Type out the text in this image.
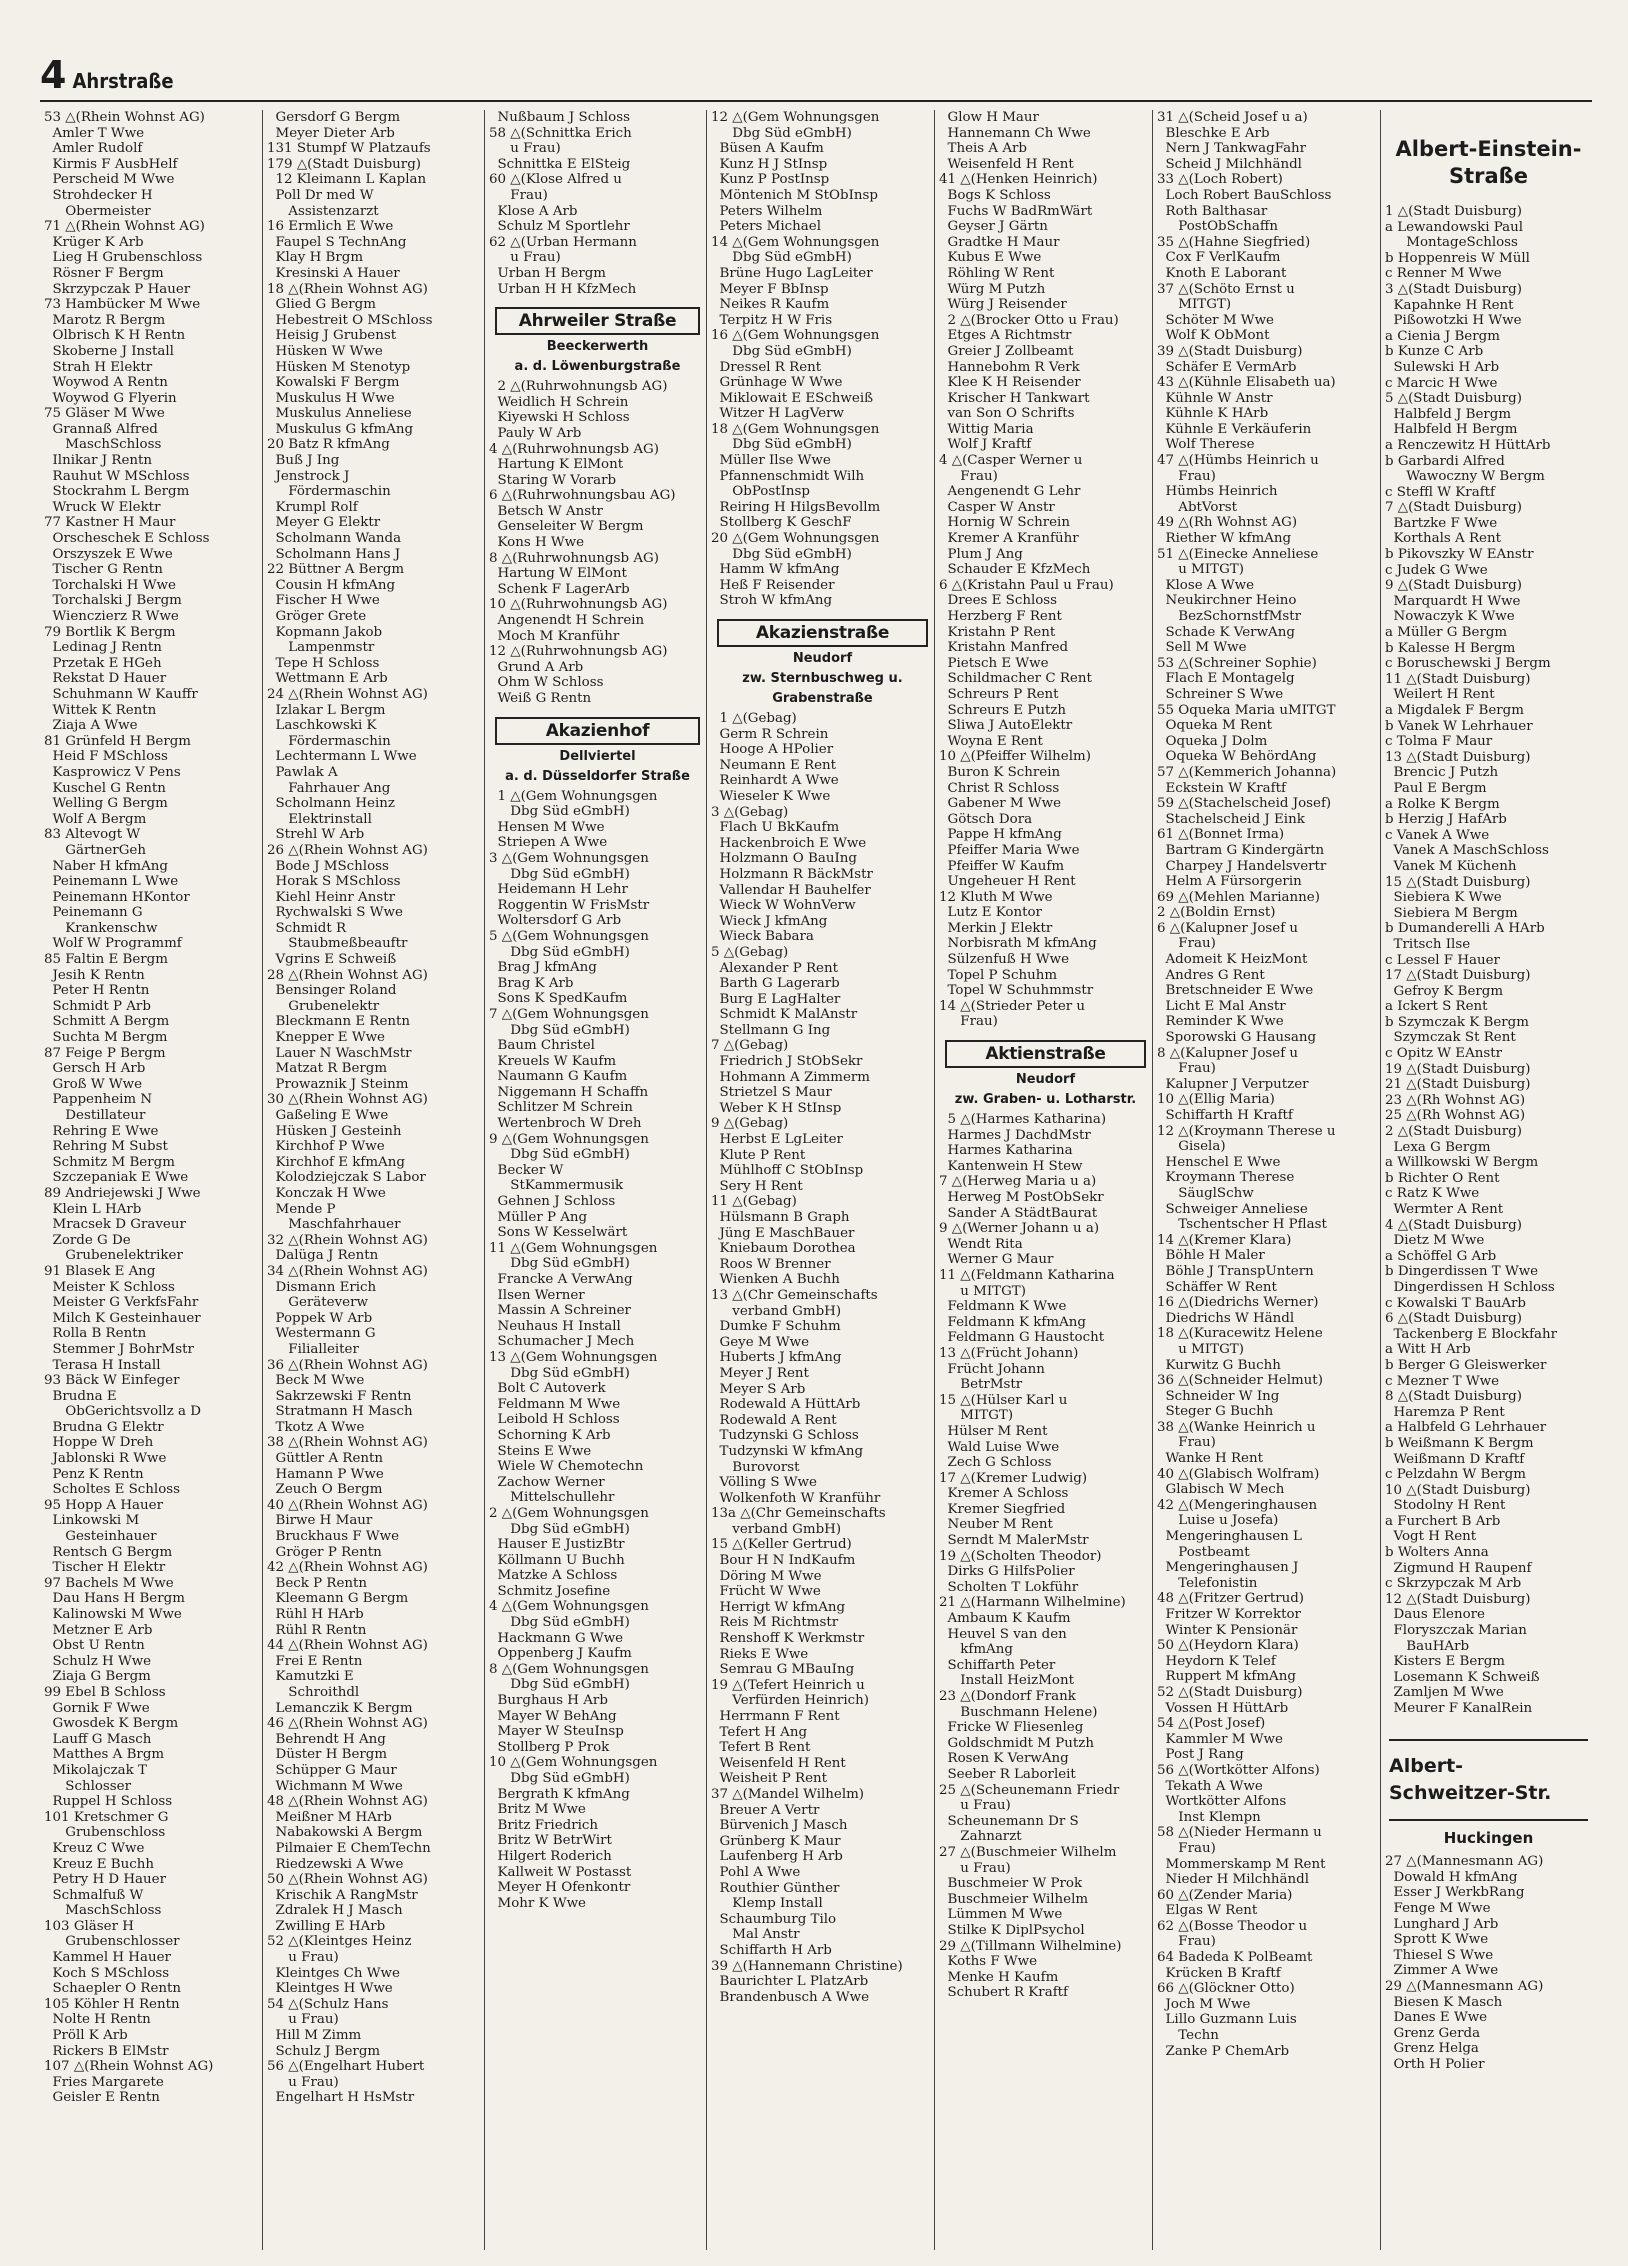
4 Ahrstraße
53 △(Rhein Wohnst AG)
Amler T Wwe
Amler Rudolf
Kirmis F AusbHelf
Perscheid M Wwe
Strohdecker H
Obermeister
71 △(Rhein Wohnst AG)
Krüger K Arb
Lieg H Grubenschloss
Rösner F Bergm
Skrzypczak P Hauer
73 Hambücker M Wwe
Marotz R Bergm
Olbrisch K H Rentn
Skoberne J Install
Strah H Elektr
Woywod A Rentn
Woywod G Flyerin
75 Gläser M Wwe
Grannaß Alfred
MaschSchloss
Ilnikar J Rentn
Rauhut W MSchloss
Stockrahm L Bergm
Wruck W Elektr
77 Kastner H Maur
Orscheschek E Schloss
Orszyszek E Wwe
Tischer G Rentn
Torchalski H Wwe
Torchalski J Bergm
Wienczierz R Wwe
79 Bortlik K Bergm
Ledinag J Rentn
Przetak E HGeh
Rekstat D Hauer
Schuhmann W Kauffr
Wittek K Rentn
Ziaja A Wwe
81 Grünfeld H Bergm
Heid F MSchloss
Kasprowicz V Pens
Kuschel G Rentn
Welling G Bergm
Wolf A Bergm
83 Altevogt W
GärtnerGeh
Naber H kfmAng
Peinemann L Wwe
Peinemann HKontor
Peinemann G
Krankenschw
Wolf W Programmf
85 Faltin E Bergm
Jesih K Rentn
Peter H Rentn
Schmidt P Arb
Schmitt A Bergm
Suchta M Bergm
87 Feige P Bergm
Gersch H Arb
Groß W Wwe
Pappenheim N
Destillateur
Rehring E Wwe
Rehring M Subst
Schmitz M Bergm
Szczepaniak E Wwe
89 Andriejewski J Wwe
Klein L HArb
Mracsek D Graveur
Zorde G De
Grubenelektriker
91 Blasek E Ang
Meister K Schloss
Meister G VerkfsFahr
Milch K Gesteinhauer
Rolla B Rentn
Stemmer J BohrMstr
Terasa H Install
93 Bäck W Einfeger
Brudna E
ObGerichtsvollz a D
Brudna G Elektr
Hoppe W Dreh
Jablonski R Wwe
Penz K Rentn
Scholtes E Schloss
95 Hopp A Hauer
Linkowski M
Gesteinhauer
Rentsch G Bergm
Tischer H Elektr
97 Bachels M Wwe
Dau Hans H Bergm
Kalinowski M Wwe
Metzner E Arb
Obst U Rentn
Schulz H Wwe
Ziaja G Bergm
99 Ebel B Schloss
Gornik F Wwe
Gwosdek K Bergm
Lauff G Masch
Matthes A Brgm
Mikolajczak T
Schlosser
Ruppel H Schloss
101 Kretschmer G
Grubenschloss
Kreuz C Wwe
Kreuz E Buchh
Petry H D Hauer
Schmalfuß W
MaschSchloss
103 Gläser H
Grubenschlosser
Kammel H Hauer
Koch S MSchloss
Schaepler O Rentn
105 Köhler H Rentn
Nolte H Rentn
Pröll K Arb
Rickers B ElMstr
107 △(Rhein Wohnst AG)
Fries Margarete
Geisler E Rentn
Gersdorf G Bergm
Meyer Dieter Arb
131 Stumpf W Platzaufs
179 △(Stadt Duisburg)
12 Kleimann L Kaplan
Poll Dr med W
Assistenzarzt
16 Ermlich E Wwe
Faupel S TechnAng
Klay H Brgm
Kresinski A Hauer
18 △(Rhein Wohnst AG)
Glied G Bergm
Hebestreit O MSchloss
Heisig J Grubenst
Hüsken W Wwe
Hüsken M Stenotyp
Kowalski F Bergm
Muskulus H Wwe
Muskulus Anneliese
Muskulus G kfmAng
20 Batz R kfmAng
Buß J Ing
Jenstrock J
Fördermaschin
Krumpl Rolf
Meyer G Elektr
Scholmann Wanda
Scholmann Hans J
22 Büttner A Bergm
Cousin H kfmAng
Fischer H Wwe
Gröger Grete
Kopmann Jakob
Lampenmstr
Tepe H Schloss
Wettmann E Arb
24 △(Rhein Wohnst AG)
Izlakar L Bergm
Laschkowski K
Fördermaschin
Lechtermann L Wwe
Pawlak A
Fahrhauer Ang
Scholmann Heinz
Elektrinstall
Strehl W Arb
26 △(Rhein Wohnst AG)
Bode J MSchloss
Horak S MSchloss
Kiehl Heinr Anstr
Rychwalski S Wwe
Schmidt R
Staubmeßbeauftr
Vgrins E Schweiß
28 △(Rhein Wohnst AG)
Bensinger Roland
Grubenelektr
Bleckmann E Rentn
Knepper E Wwe
Lauer N WaschMstr
Matzat R Bergm
Prowaznik J Steinm
30 △(Rhein Wohnst AG)
Gaßeling E Wwe
Hüsken J Gesteinh
Kirchhof P Wwe
Kirchhof E kfmAng
Kolodziejczak S Labor
Konczak H Wwe
Mende P
Maschfahrhauer
32 △(Rhein Wohnst AG)
Dalüga J Rentn
34 △(Rhein Wohnst AG)
Dismann Erich
Geräteverw
Poppek W Arb
Westermann G
Filialleiter
36 △(Rhein Wohnst AG)
Beck M Wwe
Sakrzewski F Rentn
Stratmann H Masch
Tkotz A Wwe
38 △(Rhein Wohnst AG)
Güttler A Rentn
Hamann P Wwe
Zeuch O Bergm
40 △(Rhein Wohnst AG)
Birwe H Maur
Bruckhaus F Wwe
Gröger P Rentn
42 △(Rhein Wohnst AG)
Beck P Rentn
Kleemann G Bergm
Rühl H HArb
Rühl R Rentn
44 △(Rhein Wohnst AG)
Frei E Rentn
Kamutzki E
Schroithdl
Lemanczik K Bergm
46 △(Rhein Wohnst AG)
Behrendt H Ang
Düster H Bergm
Schüpper G Maur
Wichmann M Wwe
48 △(Rhein Wohnst AG)
Meißner M HArb
Nabakowski A Bergm
Pilmaier E ChemTechn
Riedzewski A Wwe
50 △(Rhein Wohnst AG)
Krischik A RangMstr
Zdralek H J Masch
Zwilling E HArb
52 △(Kleintges Heinz
u Frau)
Kleintges Ch Wwe
Kleintges H Wwe
54 △(Schulz Hans
u Frau)
Hill M Zimm
Schulz J Bergm
56 △(Engelhart Hubert
u Frau)
Engelhart H HsMstr
Nußbaum J Schloss
58 △(Schnittka Erich
u Frau)
Schnittka E ElSteig
60 △(Klose Alfred u
Frau)
Klose A Arb
Schulz M Sportlehr
62 △(Urban Hermann
u Frau)
Urban H Bergm
Urban H H KfzMech
Ahrweiler Straße
Beeckerwerth
a. d. Löwenburgstraße
2 △(Ruhrwohnungsb AG)
Weidlich H Schrein
Kiyewski H Schloss
Pauly W Arb
4 △(Ruhrwohnungsb AG)
Hartung K ElMont
Staring W Vorarb
6 △(Ruhrwohnungsbau AG)
Betsch W Anstr
Genseleiter W Bergm
Kons H Wwe
8 △(Ruhrwohnungsb AG)
Hartung W ElMont
Schenk F LagerArb
10 △(Ruhrwohnungsb AG)
Angenendt H Schrein
Moch M Kranführ
12 △(Ruhrwohnungsb AG)
Grund A Arb
Ohm W Schloss
Weiß G Rentn
Akazienhof
Dellviertel
a. d. Düsseldorfer Straße
1 △(Gem Wohnungsgen
Dbg Süd eGmbH)
Hensen M Wwe
Striepen A Wwe
3 △(Gem Wohnungsgen
Dbg Süd eGmbH)
Heidemann H Lehr
Roggentin W FrisMstr
Woltersdorf G Arb
5 △(Gem Wohnungsgen
Dbg Süd eGmbH)
Brag J kfmAng
Brag K Arb
Sons K SpedKaufm
7 △(Gem Wohnungsgen
Dbg Süd eGmbH)
Baum Christel
Kreuels W Kaufm
Naumann G Kaufm
Niggemann H Schaffn
Schlitzer M Schrein
Wertenbroch W Dreh
9 △(Gem Wohnungsgen
Dbg Süd eGmbH)
Becker W
StKammermusik
Gehnen J Schloss
Müller P Ang
Sons W Kesselwärt
11 △(Gem Wohnungsgen
Dbg Süd eGmbH)
Francke A VerwAng
Ilsen Werner
Massin A Schreiner
Neuhaus H Install
Schumacher J Mech
13 △(Gem Wohnungsgen
Dbg Süd eGmbH)
Bolt C Autoverk
Feldmann M Wwe
Leibold H Schloss
Schorning K Arb
Steins E Wwe
Wiele W Chemotechn
Zachow Werner
Mittelschullehr
2 △(Gem Wohnungsgen
Dbg Süd eGmbH)
Hauser E JustizBtr
Köllmann U Buchh
Matzke A Schloss
Schmitz Josefine
4 △(Gem Wohnungsgen
Dbg Süd eGmbH)
Hackmann G Wwe
Oppenberg J Kaufm
8 △(Gem Wohnungsgen
Dbg Süd eGmbH)
Burghaus H Arb
Mayer W BehAng
Mayer W SteuInsp
Stollberg P Prok
10 △(Gem Wohnungsgen
Dbg Süd eGmbH)
Bergrath K kfmAng
Britz M Wwe
Britz Friedrich
Britz W BetrWirt
Hilgert Roderich
Kallweit W Postasst
Meyer H Ofenkontr
Mohr K Wwe
12 △(Gem Wohnungsgen
Dbg Süd eGmbH)
Büsen A Kaufm
Kunz H J StInsp
Kunz P PostInsp
Möntenich M StObInsp
Peters Wilhelm
Peters Michael
14 △(Gem Wohnungsgen
Dbg Süd eGmbH)
Brüne Hugo LagLeiter
Meyer F BbInsp
Neikes R Kaufm
Terpitz H W Fris
16 △(Gem Wohnungsgen
Dbg Süd eGmbH)
Dressel R Rent
Grünhage W Wwe
Miklowait E ESchweiß
Witzer H LagVerw
18 △(Gem Wohnungsgen
Dbg Süd eGmbH)
Müller Ilse Wwe
Pfannenschmidt Wilh
ObPostInsp
Reiring H HilgsBevollm
Stollberg K GeschF
20 △(Gem Wohnungsgen
Dbg Süd eGmbH)
Hamm W kfmAng
Heß F Reisender
Stroh W kfmAng
Akazienstraße
Neudorf
zw. Sternbuschweg u.
Grabenstraße
1 △(Gebag)
Germ R Schrein
Hooge A HPolier
Neumann E Rent
Reinhardt A Wwe
Wieseler K Wwe
3 △(Gebag)
Flach U BkKaufm
Hackenbroich E Wwe
Holzmann O BauIng
Holzmann R BäckMstr
Vallendar H Bauhelfer
Wieck W WohnVerw
Wieck J kfmAng
Wieck Babara
5 △(Gebag)
Alexander P Rent
Barth G Lagerarb
Burg E LagHalter
Schmidt K MalAnstr
Stellmann G Ing
7 △(Gebag)
Friedrich J StObSekr
Hohmann A Zimmerm
Strietzel S Maur
Weber K H StInsp
9 △(Gebag)
Herbst E LgLeiter
Klute P Rent
Mühlhoff C StObInsp
Sery H Rent
11 △(Gebag)
Hülsmann B Graph
Jüng E MaschBauer
Kniebaum Dorothea
Roos W Brenner
Wienken A Buchh
13 △(Chr Gemeinschafts
verband GmbH)
Dumke F Schuhm
Geye M Wwe
Huberts J kfmAng
Meyer J Rent
Meyer S Arb
Rodewald A HüttArb
Rodewald A Rent
Tudzynski G Schloss
Tudzynski W kfmAng
Burovorst
Völling S Wwe
Wolkenfoth W Kranführ
13a △(Chr Gemeinschafts
verband GmbH)
15 △(Keller Gertrud)
Bour H N IndKaufm
Döring M Wwe
Frücht W Wwe
Herrigt W kfmAng
Reis M Richtmstr
Renshoff K Werkmstr
Rieks E Wwe
Semrau G MBauIng
19 △(Tefert Heinrich u
Verfürden Heinrich)
Herrmann F Rent
Tefert H Ang
Tefert B Rent
Weisenfeld H Rent
Weisheit P Rent
37 △(Mandel Wilhelm)
Breuer A Vertr
Bürvenich J Masch
Grünberg K Maur
Laufenberg H Arb
Pohl A Wwe
Routhier Günther
Klemp Install
Schaumburg Tilo
Mal Anstr
Schiffarth H Arb
39 △(Hannemann Christine)
Baurichter L PlatzArb
Brandenbusch A Wwe
Glow H Maur
Hannemann Ch Wwe
Theis A Arb
Weisenfeld H Rent
41 △(Henken Heinrich)
Bogs K Schloss
Fuchs W BadRmWärt
Geyser J Gärtn
Gradtke H Maur
Kubus E Wwe
Röhling W Rent
Würg M Putzh
Würg J Reisender
2 △(Brocker Otto u Frau)
Etges A Richtmstr
Greier J Zollbeamt
Hannebohm R Verk
Klee K H Reisender
Krischer H Tankwart
van Son O Schrifts
Wittig Maria
Wolf J Kraftf
4 △(Casper Werner u
Frau)
Aengenendt G Lehr
Casper W Anstr
Hornig W Schrein
Kremer A Kranführ
Plum J Ang
Schauder E KfzMech
6 △(Kristahn Paul u Frau)
Drees E Schloss
Herzberg F Rent
Kristahn P Rent
Kristahn Manfred
Pietsch E Wwe
Schildmacher C Rent
Schreurs P Rent
Schreurs E Putzh
Sliwa J AutoElektr
Woyna E Rent
10 △(Pfeiffer Wilhelm)
Buron K Schrein
Christ R Schloss
Gabener M Wwe
Götsch Dora
Pappe H kfmAng
Pfeiffer Maria Wwe
Pfeiffer W Kaufm
Ungeheuer H Rent
12 Kluth M Wwe
Lutz E Kontor
Merkin J Elektr
Norbisrath M kfmAng
Sülzenfuß H Wwe
Topel P Schuhm
Topel W Schuhmmstr
14 △(Strieder Peter u
Frau)
Aktienstraße
Neudorf
zw. Graben- u. Lotharstr.
5 △(Harmes Katharina)
Harmes J DachdMstr
Harmes Katharina
Kantenwein H Stew
7 △(Herweg Maria u a)
Herweg M PostObSekr
Sander A StädtBaurat
9 △(Werner Johann u a)
Wendt Rita
Werner G Maur
11 △(Feldmann Katharina
u MITGT)
Feldmann K Wwe
Feldmann K kfmAng
Feldmann G Haustocht
13 △(Frücht Johann)
Frücht Johann
BetrMstr
15 △(Hülser Karl u
MITGT)
Hülser M Rent
Wald Luise Wwe
Zech G Schloss
17 △(Kremer Ludwig)
Kremer A Schloss
Kremer Siegfried
Neuber M Rent
Serndt M MalerMstr
19 △(Scholten Theodor)
Dirks G HilfsPolier
Scholten T Lokführ
21 △(Harmann Wilhelmine)
Ambaum K Kaufm
Heuvel S van den
kfmAng
Schiffarth Peter
Install HeizMont
23 △(Dondorf Frank
Buschmann Helene)
Fricke W Fliesenleg
Goldschmidt M Putzh
Rosen K VerwAng
Seeber R Laborleit
25 △(Scheunemann Friedr
u Frau)
Scheunemann Dr S
Zahnarzt
27 △(Buschmeier Wilhelm
u Frau)
Buschmeier W Prok
Buschmeier Wilhelm
Lümmen M Wwe
Stilke K DiplPsychol
29 △(Tillmann Wilhelmine)
Koths F Wwe
Menke H Kaufm
Schubert R Kraftf
31 △(Scheid Josef u a)
Bleschke E Arb
Nern J TankwagFahr
Scheid J Milchhändl
33 △(Loch Robert)
Loch Robert BauSchloss
Roth Balthasar
PostObSchaffn
35 △(Hahne Siegfried)
Cox F VerlKaufm
Knoth E Laborant
37 △(Schöto Ernst u
MITGT)
Schöter M Wwe
Wolf K ObMont
39 △(Stadt Duisburg)
Schäfer E VermArb
43 △(Kühnle Elisabeth ua)
Kühnle W Anstr
Kühnle K HArb
Kühnle E Verkäuferin
Wolf Therese
47 △(Hümbs Heinrich u
Frau)
Hümbs Heinrich
AbtVorst
49 △(Rh Wohnst AG)
Riether W kfmAng
51 △(Einecke Anneliese
u MITGT)
Klose A Wwe
Neukirchner Heino
BezSchornstfMstr
Schade K VerwAng
Sell M Wwe
53 △(Schreiner Sophie)
Flach E Montagelg
Schreiner S Wwe
55 Oqueka Maria uMITGT
Oqueka M Rent
Oqueka J Dolm
Oqueka W BehördAng
57 △(Kemmerich Johanna)
Eckstein W Kraftf
59 △(Stachelscheid Josef)
Stachelscheid J Eink
61 △(Bonnet Irma)
Bartram G Kindergärtn
Charpey J Handelsvertr
Helm A Fürsorgerin
69 △(Mehlen Marianne)
2 △(Boldin Ernst)
6 △(Kalupner Josef u
Frau)
Adomeit K HeizMont
Andres G Rent
Bretschneider E Wwe
Licht E Mal Anstr
Reminder K Wwe
Sporowski G Hausang
8 △(Kalupner Josef u
Frau)
Kalupner J Verputzer
10 △(Ellig Maria)
Schiffarth H Kraftf
12 △(Kroymann Therese u
Gisela)
Henschel E Wwe
Kroymann Therese
SäuglSchw
Schweiger Anneliese
Tschentscher H Pflast
14 △(Kremer Klara)
Böhle H Maler
Böhle J TranspUntern
Schäffer W Rent
16 △(Diedrichs Werner)
Diedrichs W Händl
18 △(Kuracewitz Helene
u MITGT)
Kurwitz G Buchh
36 △(Schneider Helmut)
Schneider W Ing
Steger G Buchh
38 △(Wanke Heinrich u
Frau)
Wanke H Rent
40 △(Glabisch Wolfram)
Glabisch W Mech
42 △(Mengeringhausen
Luise u Josefa)
Mengeringhausen L
Postbeamt
Mengeringhausen J
Telefonistin
48 △(Fritzer Gertrud)
Fritzer W Korrektor
Winter K Pensionär
50 △(Heydorn Klara)
Heydorn K Telef
Ruppert M kfmAng
52 △(Stadt Duisburg)
Vossen H HüttArb
54 △(Post Josef)
Kammler M Wwe
Post J Rang
56 △(Wortkötter Alfons)
Tekath A Wwe
Wortkötter Alfons
Inst Klempn
58 △(Nieder Hermann u
Frau)
Mommerskamp M Rent
Nieder H Milchhändl
60 △(Zender Maria)
Elgas W Rent
62 △(Bosse Theodor u
Frau)
64 Badeda K PolBeamt
Krücken B Kraftf
66 △(Glöckner Otto)
Joch M Wwe
Lillo Guzmann Luis
Techn
Zanke P ChemArb
Albert-Einstein-Straße
1 △(Stadt Duisburg)
a Lewandowski Paul
MontageSchloss
b Hoppenreis W Müll
c Renner M Wwe
3 △(Stadt Duisburg)
Kapahnke H Rent
Pißowotzki H Wwe
a Cienia J Bergm
b Kunze C Arb
Sulewski H Arb
c Marcic H Wwe
5 △(Stadt Duisburg)
Halbfeld J Bergm
Halbfeld H Bergm
a Renczewitz H HüttArb
b Garbardi Alfred
Wawoczny W Bergm
c Steffl W Kraftf
7 △(Stadt Duisburg)
Bartzke F Wwe
Korthals A Rent
b Pikovszky W EAnstr
c Judek G Wwe
9 △(Stadt Duisburg)
Marquardt H Wwe
Nowaczyk K Wwe
a Müller G Bergm
b Kalesse H Bergm
c Boruschewski J Bergm
11 △(Stadt Duisburg)
Weilert H Rent
a Migdalek F Bergm
b Vanek W Lehrhauer
c Tolma F Maur
13 △(Stadt Duisburg)
Brencic J Putzh
Paul E Bergm
a Rolke K Bergm
b Herzig J HafArb
c Vanek A Wwe
Vanek A MaschSchloss
Vanek M Küchenh
15 △(Stadt Duisburg)
Siebiera K Wwe
Siebiera M Bergm
b Dumanderelli A HArb
Tritsch Ilse
c Lessel F Hauer
17 △(Stadt Duisburg)
Gefroy K Bergm
a Ickert S Rent
b Szymczak K Bergm
Szymczak St Rent
c Opitz W EAnstr
19 △(Stadt Duisburg)
21 △(Stadt Duisburg)
23 △(Rh Wohnst AG)
25 △(Rh Wohnst AG)
2 △(Stadt Duisburg)
Lexa G Bergm
a Willkowski W Bergm
b Richter O Rent
c Ratz K Wwe
Wermter A Rent
4 △(Stadt Duisburg)
Dietz M Wwe
a Schöffel G Arb
b Dingerdissen T Wwe
Dingerdissen H Schloss
c Kowalski T BauArb
6 △(Stadt Duisburg)
Tackenberg E Blockfahr
a Witt H Arb
b Berger G Gleiswerker
c Mezner T Wwe
8 △(Stadt Duisburg)
Haremza P Rent
a Halbfeld G Lehrhauer
b Weißmann K Bergm
Weißmann D Kraftf
c Pelzdahn W Bergm
10 △(Stadt Duisburg)
Stodolny H Rent
a Furchert B Arb
Vogt H Rent
b Wolters Anna
Zigmund H Raupenf
c Skrzypczak M Arb
12 △(Stadt Duisburg)
Daus Elenore
Floryszczak Marian
BauHArb
Kisters E Bergm
Losemann K Schweiß
Zamljen M Wwe
Meurer F KanalRein
Albert-Schweitzer-Str.
Huckingen
27 △(Mannesmann AG)
Dowald H kfmAng
Esser J WerkbRang
Fenge M Wwe
Lunghard J Arb
Sprott K Wwe
Thiesel S Wwe
Zimmer A Wwe
29 △(Mannesmann AG)
Biesen K Masch
Danes E Wwe
Grenz Gerda
Grenz Helga
Orth H Polier
